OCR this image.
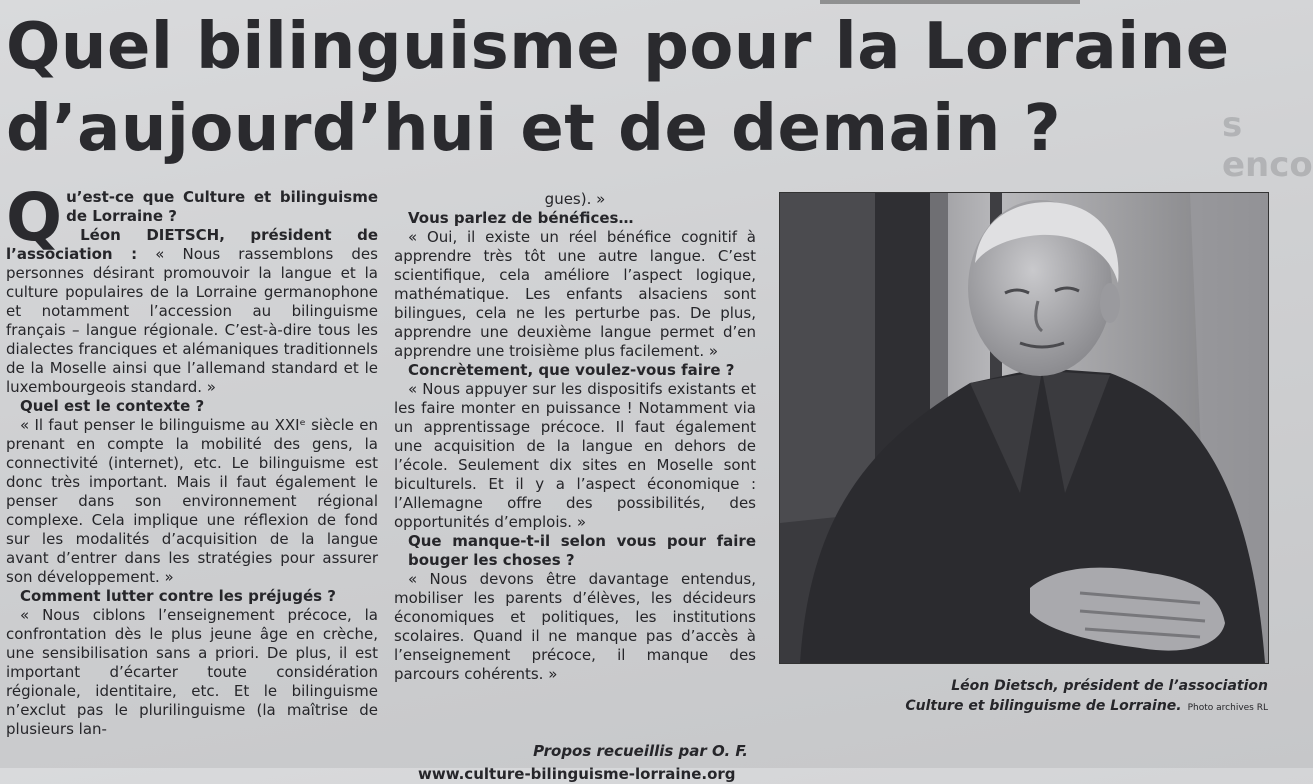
Quel bilinguisme pour la Lorraine
d’aujourd’hui et de demain ?	s enco

Qu’est-ce que Culture et bilinguisme de Lorraine ?

Léon DIETSCH, président de l’association : « Nous rassemblons des personnes désirant promouvoir la langue et la culture populaires de la Lorraine germanophone et notamment l’accession au bilinguisme français – langue régionale. C’est-à-dire tous les dialectes franciques et alémaniques traditionnels de la Moselle ainsi que l’allemand standard et le luxembourgeois standard. »

Quel est le contexte ?

« Il faut penser le bilinguisme au XXIᵉ siècle en prenant en compte la mobilité des gens, la connectivité (internet), etc. Le bilinguisme est donc très important. Mais il faut également le penser dans son environnement régional complexe. Cela implique une réflexion de fond sur les modalités d’acquisition de la langue avant d’entrer dans les stratégies pour assurer son développement. »

Comment lutter contre les préjugés ?

« Nous ciblons l’enseignement précoce, la confrontation dès le plus jeune âge en crèche, une sensibilisation sans a priori. De plus, il est important d’écarter toute considération régionale, identitaire, etc. Et le bilinguisme n’exclut pas le plurilinguisme (la maîtrise de plusieurs lan-

gues). »

Vous parlez de bénéfices…

« Oui, il existe un réel bénéfice cognitif à apprendre très tôt une autre langue. C’est scientifique, cela améliore l’aspect logique, mathématique. Les enfants alsaciens sont bilingues, cela ne les perturbe pas. De plus, apprendre une deuxième langue permet d’en apprendre une troisième plus facilement. »

Concrètement, que voulez-vous faire ?

« Nous appuyer sur les dispositifs existants et les faire monter en puissance ! Notamment via un apprentissage précoce. Il faut également une acquisition de la langue en dehors de l’école. Seulement dix sites en Moselle sont biculturels. Et il y a l’aspect économique : l’Allemagne offre des possibilités, des opportunités d’emplois. »

Que manque-t-il selon vous pour faire bouger les choses ?

« Nous devons être davantage entendus, mobiliser les parents d’élèves, les décideurs économiques et politiques, les institutions scolaires. Quand il ne manque pas d’accès à l’enseignement précoce, il manque des parcours cohérents. »

Propos recueillis par O. F.

www.culture-bilinguisme-lorraine.org

Léon Dietsch, président de l’association
Culture et bilinguisme de Lorraine. Photo archives RL
